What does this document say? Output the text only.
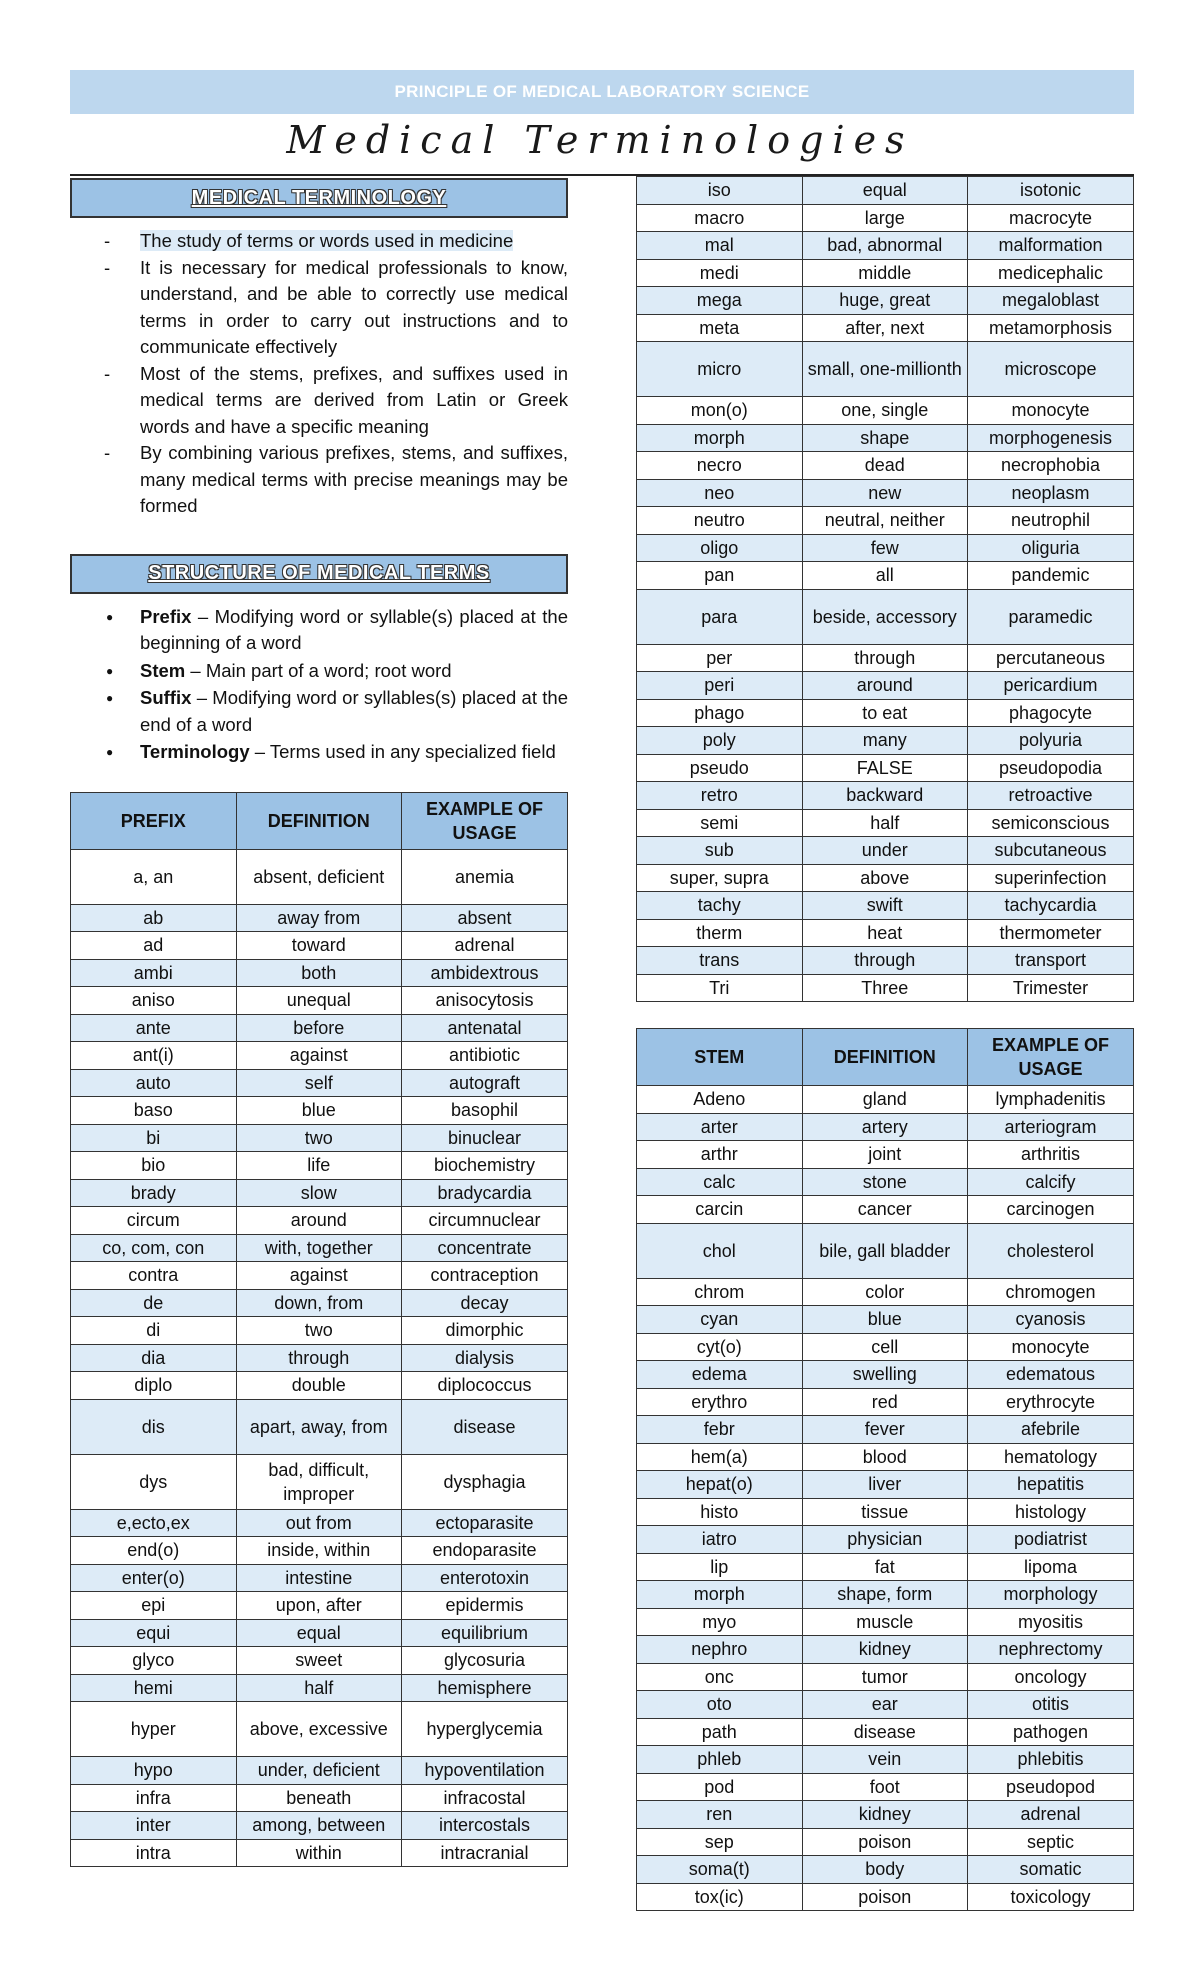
PRINCIPLE OF MEDICAL LABORATORY SCIENCE
Medical Terminologies
MEDICAL TERMINOLOGY
- The study of terms or words used in medicine
- It is necessary for medical professionals to know, understand, and be able to correctly use medical terms in order to carry out instructions and to communicate effectively
- Most of the stems, prefixes, and suffixes used in medical terms are derived from Latin or Greek words and have a specific meaning
- By combining various prefixes, stems, and suffixes, many medical terms with precise meanings may be formed
STRUCTURE OF MEDICAL TERMS
● Prefix – Modifying word or syllable(s) placed at the beginning of a word
● Stem – Main part of a word; root word
● Suffix – Modifying word or syllables(s) placed at the end of a word
● Terminology – Terms used in any specialized field
PREFIX	DEFINITION	EXAMPLE OF USAGE
a, an	absent, deficient	anemia
ab	away from	absent
ad	toward	adrenal
ambi	both	ambidextrous
aniso	unequal	anisocytosis
ante	before	antenatal
ant(i)	against	antibiotic
auto	self	autograft
baso	blue	basophil
bi	two	binuclear
bio	life	biochemistry
brady	slow	bradycardia
circum	around	circumnuclear
co, com, con	with, together	concentrate
contra	against	contraception
de	down, from	decay
di	two	dimorphic
dia	through	dialysis
diplo	double	diplococcus
dis	apart, away, from	disease
dys	bad, difficult, improper	dysphagia
e,ecto,ex	out from	ectoparasite
end(o)	inside, within	endoparasite
enter(o)	intestine	enterotoxin
epi	upon, after	epidermis
equi	equal	equilibrium
glyco	sweet	glycosuria
hemi	half	hemisphere
hyper	above, excessive	hyperglycemia
hypo	under, deficient	hypoventilation
infra	beneath	infracostal
inter	among, between	intercostals
intra	within	intracranial
iso	equal	isotonic
macro	large	macrocyte
mal	bad, abnormal	malformation
medi	middle	medicephalic
mega	huge, great	megaloblast
meta	after, next	metamorphosis
micro	small, one-millionth	microscope
mon(o)	one, single	monocyte
morph	shape	morphogenesis
necro	dead	necrophobia
neo	new	neoplasm
neutro	neutral, neither	neutrophil
oligo	few	oliguria
pan	all	pandemic
para	beside, accessory	paramedic
per	through	percutaneous
peri	around	pericardium
phago	to eat	phagocyte
poly	many	polyuria
pseudo	FALSE	pseudopodia
retro	backward	retroactive
semi	half	semiconscious
sub	under	subcutaneous
super, supra	above	superinfection
tachy	swift	tachycardia
therm	heat	thermometer
trans	through	transport
Tri	Three	Trimester
STEM	DEFINITION	EXAMPLE OF USAGE
Adeno	gland	lymphadenitis
arter	artery	arteriogram
arthr	joint	arthritis
calc	stone	calcify
carcin	cancer	carcinogen
chol	bile, gall bladder	cholesterol
chrom	color	chromogen
cyan	blue	cyanosis
cyt(o)	cell	monocyte
edema	swelling	edematous
erythro	red	erythrocyte
febr	fever	afebrile
hem(a)	blood	hematology
hepat(o)	liver	hepatitis
histo	tissue	histology
iatro	physician	podiatrist
lip	fat	lipoma
morph	shape, form	morphology
myo	muscle	myositis
nephro	kidney	nephrectomy
onc	tumor	oncology
oto	ear	otitis
path	disease	pathogen
phleb	vein	phlebitis
pod	foot	pseudopod
ren	kidney	adrenal
sep	poison	septic
soma(t)	body	somatic
tox(ic)	poison	toxicology
